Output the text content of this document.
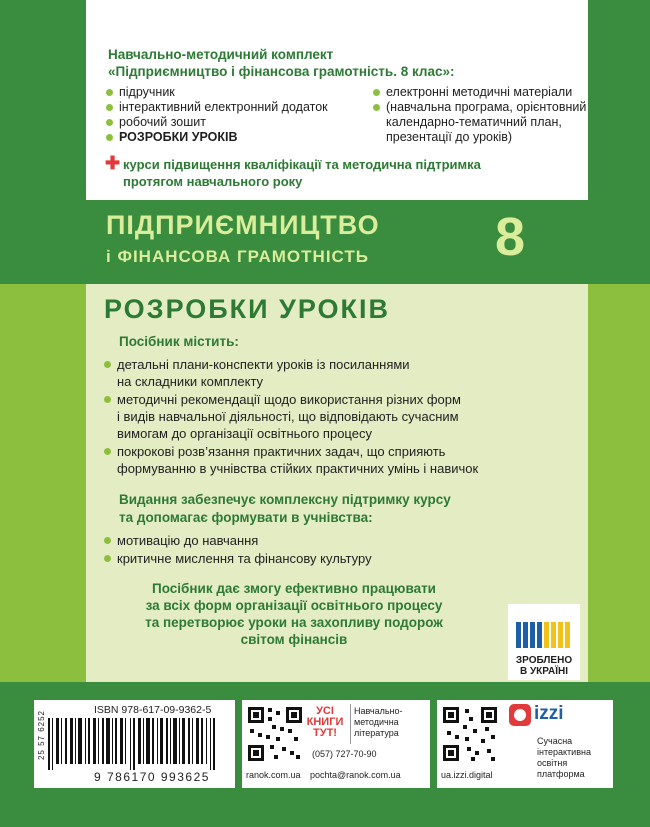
Навчально-методичний комплект
«Підприємництво і фінансова грамотність. 8 клас»:
підручник
інтерактивний електронний додаток
робочий зошит
РОЗРОБКИ УРОКІВ
електронні методичні матеріали
(навчальна програма, орієнтовний
календарно-тематичний план,
презентації до уроків)
✚ курси підвищення кваліфікації та методична підтримка
протягом навчального року
ПІДПРИЄМНИЦТВО
і ФІНАНСОВА ГРАМОТНІСТЬ 8
РОЗРОБКИ УРОКІВ
Посібник містить:
детальні плани-конспекти уроків із посиланнями
на складники комплекту
методичні рекомендації щодо використання різних форм
і видів навчальної діяльності, що відповідають сучасним
вимогам до організації освітнього процесу
покрокові розв’язання практичних задач, що сприяють
формуванню в учнівства стійких практичних умінь і навичок
Видання забезпечує комплексну підтримку курсу
та допомагає формувати в учнівства:
мотивацію до навчання
критичне мислення та фінансову культуру
Посібник дає змогу ефективно працювати
за всіх форм організації освітнього процесу
та перетворює уроки на захопливу подорож
світом фінансів
ЗРОБЛЕНО
В УКРАЇНІ
25 57 6252	ISBN 978-617-09-9362-5
9 786170 993625
УСІ
КНИГИ
ТУТ!
Навчально-
методична
література
(057) 727-70-90
ranok.com.ua pochta@ranok.com.ua
izzi
Сучасна
інтерактивна
освітня
платформа
ua.izzi.digital
